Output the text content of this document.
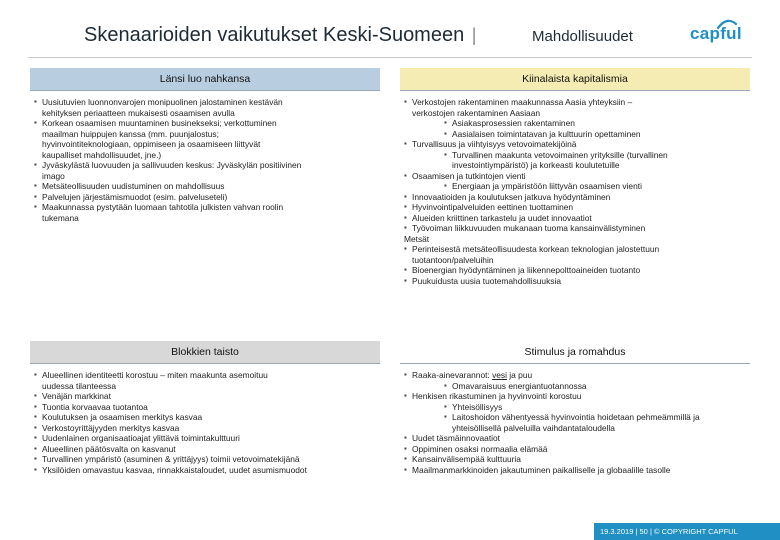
Skenaarioiden vaikutukset Keski-Suomeen |	Mahdollisuudet	capful
Länsi luo nahkansa
▪ Uusiutuvien luonnonvarojen monipuolinen jalostaminen kestävän
kehityksen periaatteen mukaisesti osaamisen avulla
▪ Korkean osaamisen muuntaminen businekseksi; verkottuminen
maailman huippujen kanssa (mm. puunjalostus;
hyvinvointiteknologiaan, oppimiseen ja osaamiseen liittyvät
kaupalliset mahdollisuudet, jne.)
▪ Jyväskylästä luovuuden ja sallivuuden keskus: Jyväskylän positiivinen
imago
▪ Metsäteollisuuden uudistuminen on mahdollisuus
▪ Palvelujen järjestämismuodot (esim. palveluseteli)
▪ Maakunnassa pystytään luomaan tahtotila julkisten vahvan roolin
tukemana
Kiinalaista kapitalismia
▪ Verkostojen rakentaminen maakunnassa Aasia yhteyksiin –
verkostojen rakentaminen Aasiaan
▪ Asiakasprosessien rakentaminen
▪ Aasialaisen toimintatavan ja kulttuurin opettaminen
▪ Turvallisuus ja viihtyisyys vetovoimatekijöinä
▪ Turvallinen maakunta vetovoimainen yrityksille (turvallinen
investointiympäristö) ja korkeasti koulutetuille
▪ Osaamisen ja tutkintojen vienti
▪ Energiaan ja ympäristöön liittyvän osaamisen vienti
▪ Innovaatioiden ja koulutuksen jatkuva hyödyntäminen
▪ Hyvinvointipalveluiden eettinen tuottaminen
▪ Alueiden kriittinen tarkastelu ja uudet innovaatiot
▪ Työvoiman liikkuvuuden mukanaan tuoma kansainvälistyminen
Metsät
▪ Perinteisestä metsäteollisuudesta korkean teknologian jalostettuun
tuotantoon/palveluihin
▪ Bioenergian hyödyntäminen ja liikennepolttoaineiden tuotanto
▪ Puukuidusta uusia tuotemahdollisuuksia
Blokkien taisto
▪ Alueellinen identiteetti korostuu – miten maakunta asemoituu
uudessa tilanteessa
▪ Venäjän markkinat
▪ Tuontia korvaavaa tuotantoa
▪ Koulutuksen ja osaamisen merkitys kasvaa
▪ Verkostoyrittäjyyden merkitys kasvaa
▪ Uudenlainen organisaatioajat ylittävä toimintakulttuuri
▪ Alueellinen päätösvalta on kasvanut
▪ Turvallinen ympäristö (asuminen & yrittäjyys) toimii vetovoimatekijänä
▪ Yksilöiden omavastuu kasvaa, rinnakkaistaloudet, uudet asumismuodot
Stimulus ja romahdus
▪ Raaka-ainevarannot: vesi ja puu
▪ Omavaraisuus energiantuotannossa
▪ Henkisen rikastuminen ja hyvinvointi korostuu
▪ Yhteisöllisyys
▪ Laitoshoidon vähentyessä hyvinvointia hoidetaan pehmeämmillä ja
yhteisöllisellä palveluilla vaihdantataloudella
▪ Uudet täsmäinnovaatiot
▪ Oppiminen osaksi normaalia elämää
▪ Kansainvälisempää kulttuuria
▪ Maailmanmarkkinoiden jakautuminen paikalliselle ja globaalille tasolle
19.3.2019 | 50 | © COPYRIGHT CAPFUL
